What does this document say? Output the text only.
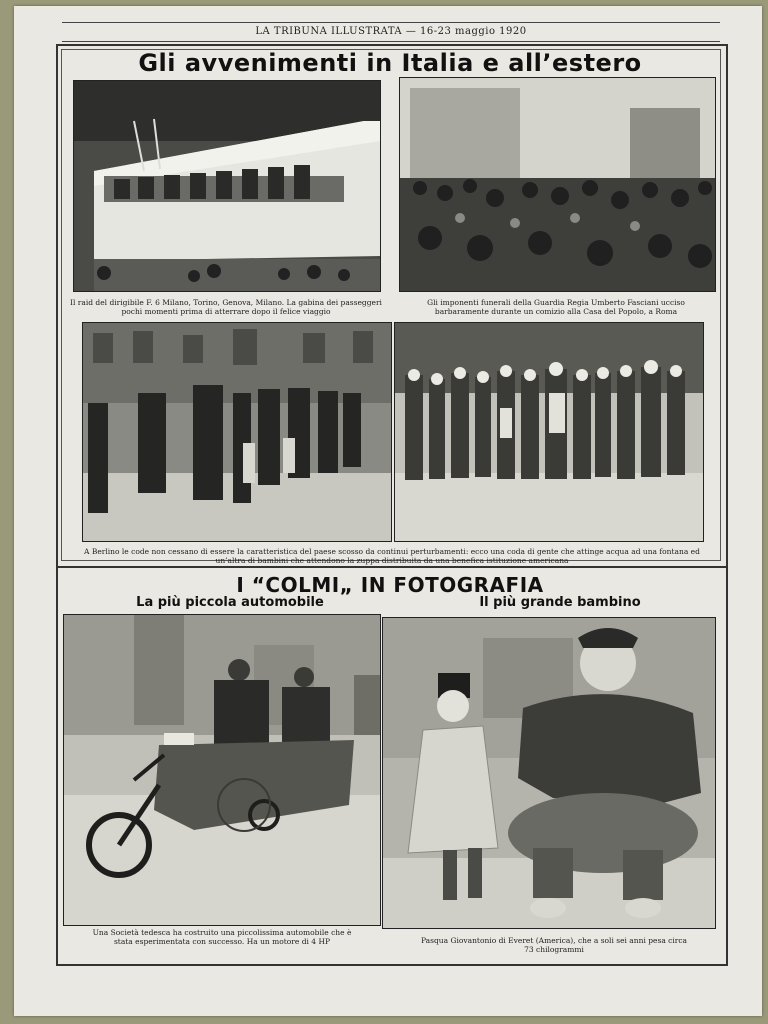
LA TRIBUNA ILLUSTRATA — 16-23 maggio 1920
Gli avvenimenti in Italia e all’estero
Il raid del dirigibile F. 6 Milano, Torino, Genova, Milano. La gabina dei passeggeri pochi momenti prima di atterrare dopo il felice viaggio
Gli imponenti funerali della Guardia Regia Umberto Fasciani ucciso barbaramente durante un comizio alla Casa del Popolo, a Roma
A Berlino le code non cessano di essere la caratteristica del paese scosso da continui perturbamenti: ecco una coda di gente che attinge acqua ad una fontana ed un’altra di bambini che attendono la zuppa distribuita da una benefica istituzione americana
I “COLMI„ IN FOTOGRAFIA
La più piccola automobile	Il più grande bambino
Una Società tedesca ha costruito una piccolissima automobile che è stata esperimentata con successo. Ha un motore di 4 HP	Pasqua Giovantonio di Everet (America), che a soli sei anni pesa circa 73 chilogrammi
